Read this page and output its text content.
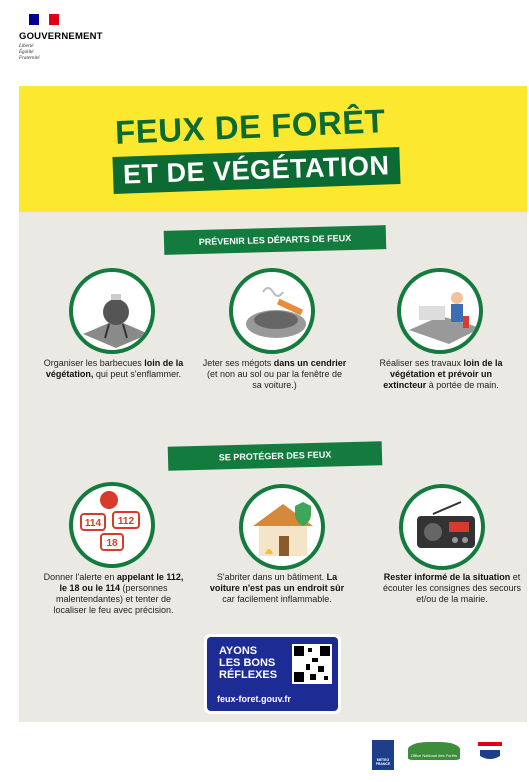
GOUVERNEMENT
Liberté
Égalité
Fraternité
FEUX DE FORÊT
ET DE VÉGÉTATION
PRÉVENIR LES DÉPARTS DE FEUX
Organiser les barbecues loin de la végétation, qui peut s'enflammer.
Jeter ses mégots dans un cendrier (et non au sol ou par la fenêtre de sa voiture.)
Réaliser ses travaux loin de la végétation et prévoir un extincteur à portée de main.
SE PROTÉGER DES FEUX
114 112
18
Donner l'alerte en appelant le 112, le 18 ou le 114 (personnes malentendantes) et tenter de localiser le feu avec précision.
S'abriter dans un bâtiment. La voiture n'est pas un endroit sûr car facilement inflammable.
Rester informé de la situation et écouter les consignes des secours et/ou de la mairie.
AYONS
LES BONS
RÉFLEXES
feux-foret.gouv.fr
METEO FRANCE
Office National des Forêts
